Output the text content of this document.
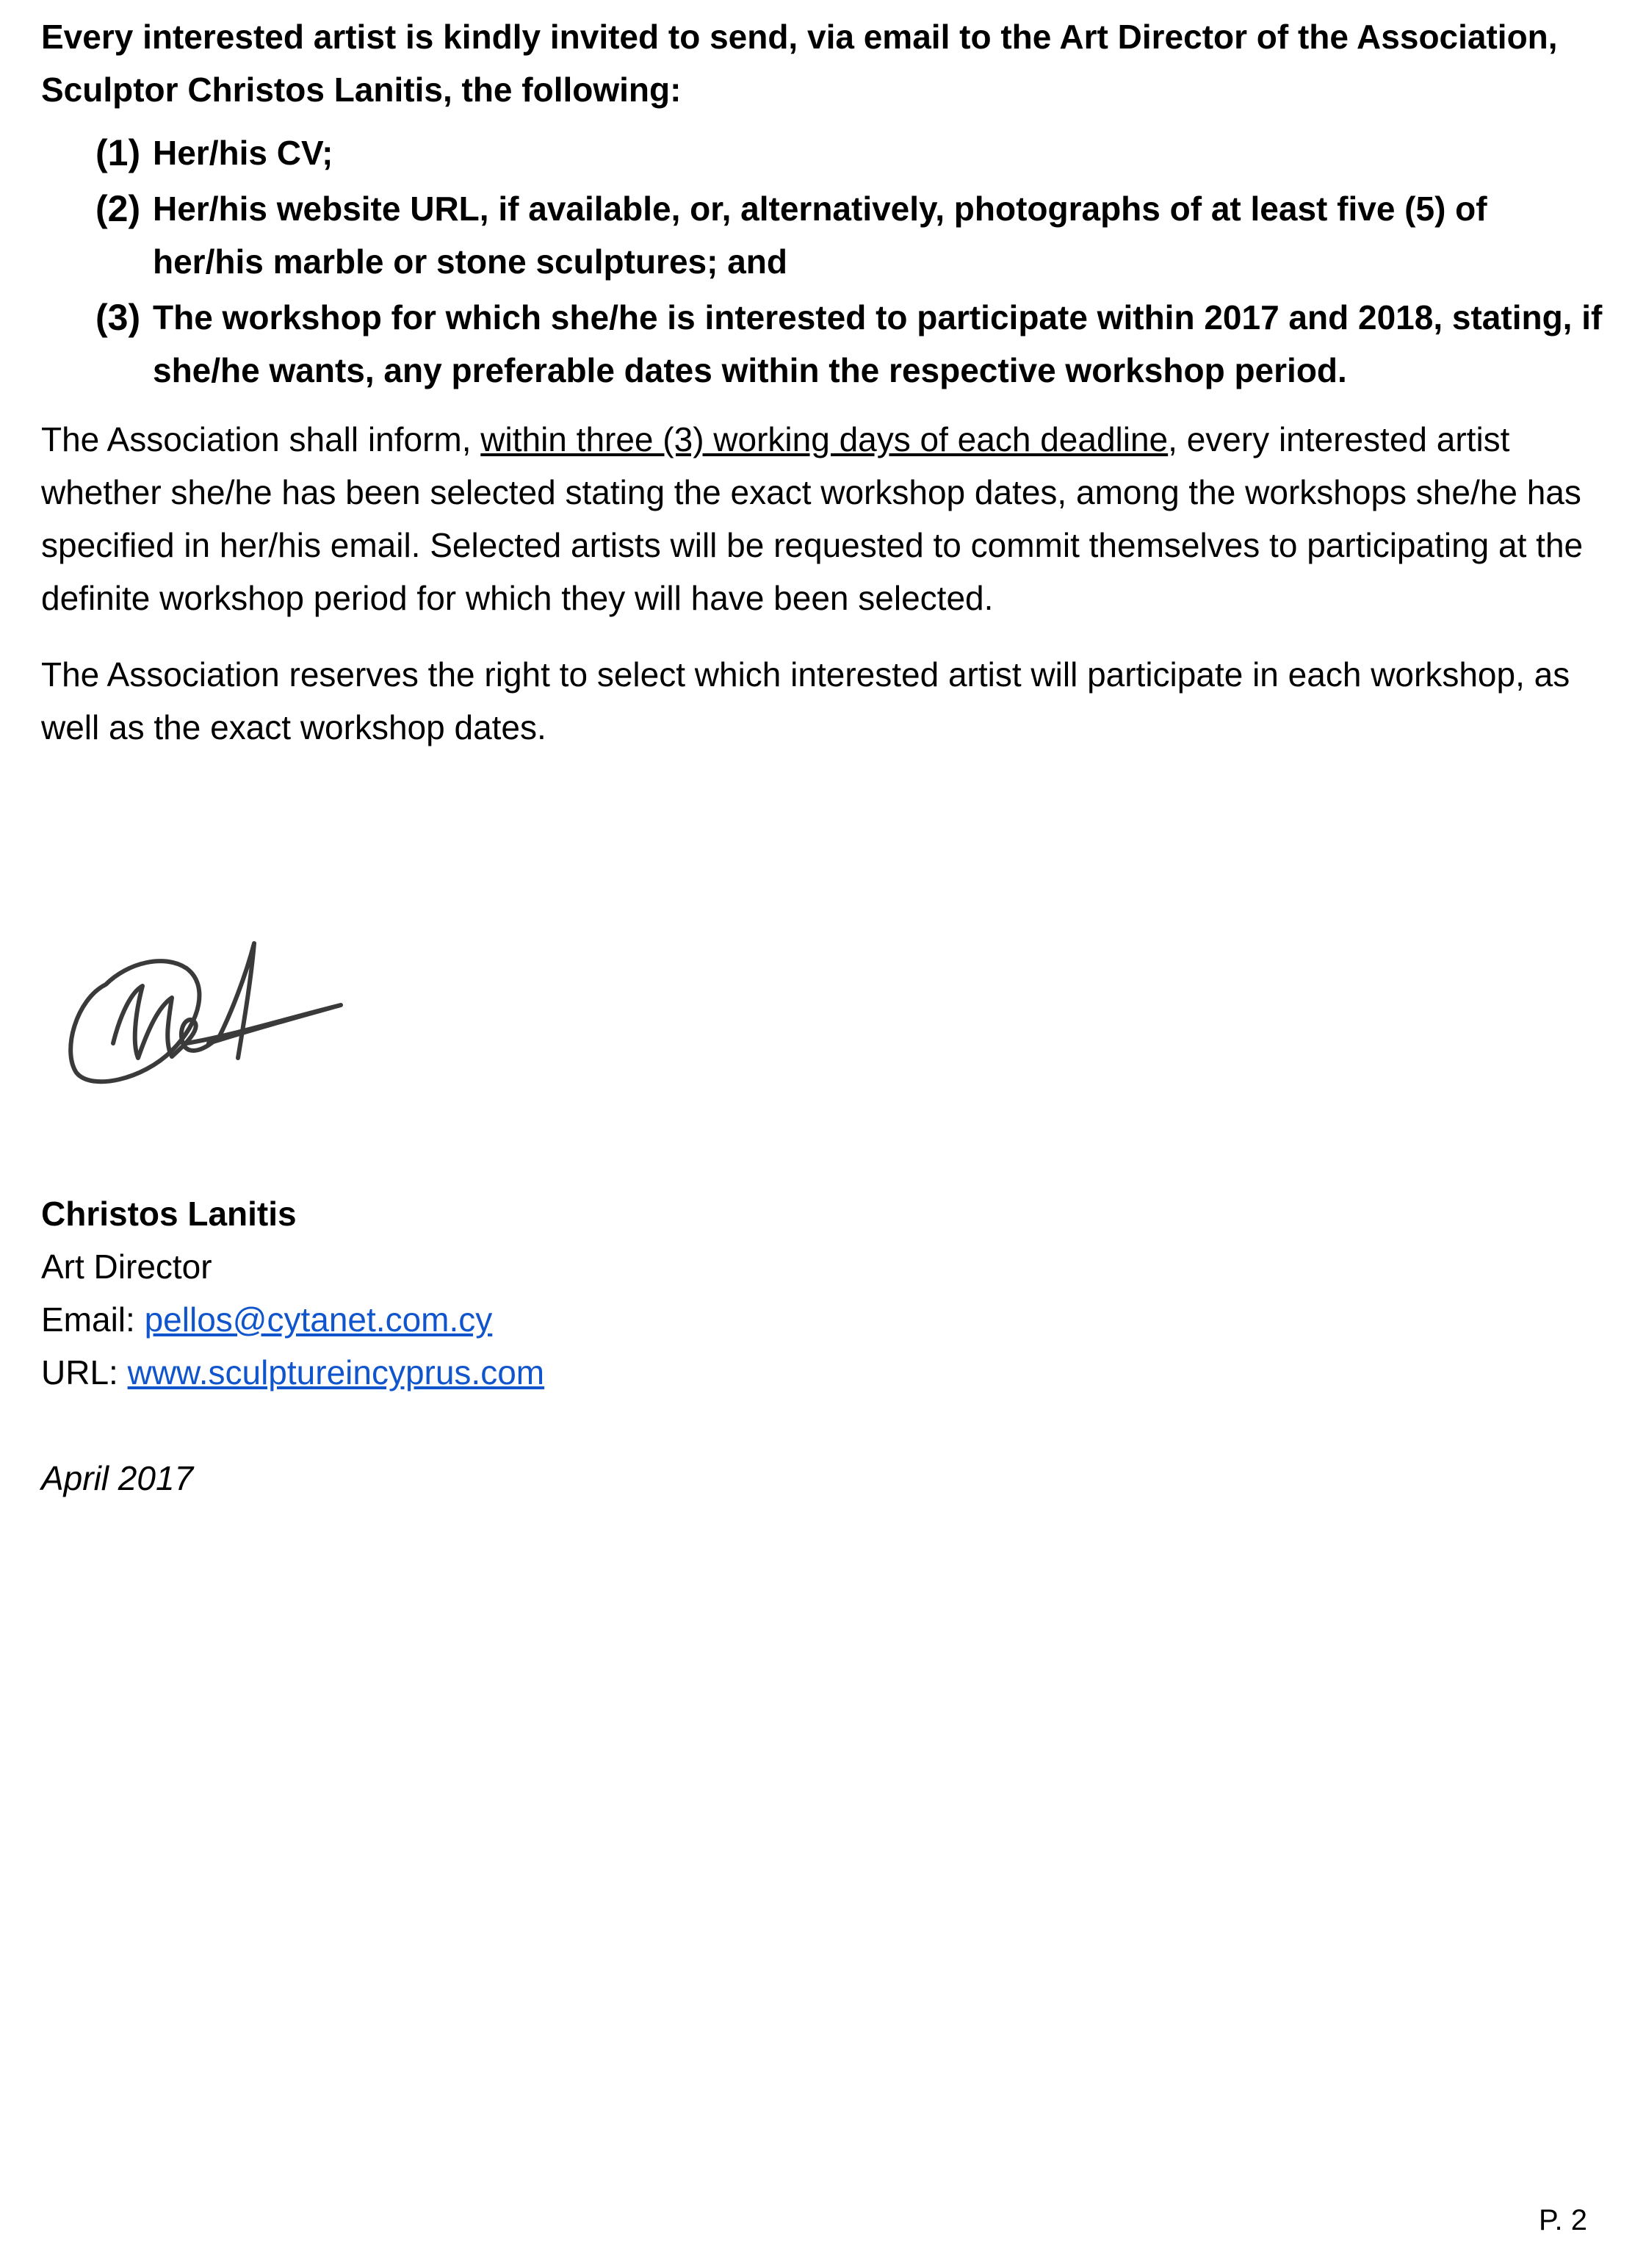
Every interested artist is kindly invited to send, via email to the Art Director of the Association, Sculptor Christos Lanitis, the following:

(1) Her/his CV;
(2) Her/his website URL, if available, or, alternatively, photographs of at least five (5) of her/his marble or stone sculptures; and
(3) The workshop for which she/he is interested to participate within 2017 and 2018, stating, if she/he wants, any preferable dates within the respective workshop period.

The Association shall inform, within three (3) working days of each deadline, every interested artist whether she/he has been selected stating the exact workshop dates, among the workshops she/he has specified in her/his email. Selected artists will be requested to commit themselves to participating at the definite workshop period for which they will have been selected.

The Association reserves the right to select which interested artist will participate in each workshop, as well as the exact workshop dates.

Christos Lanitis
Art Director
Email: pellos@cytanet.com.cy
URL: www.sculptureincyprus.com
April 2017
P. 2
